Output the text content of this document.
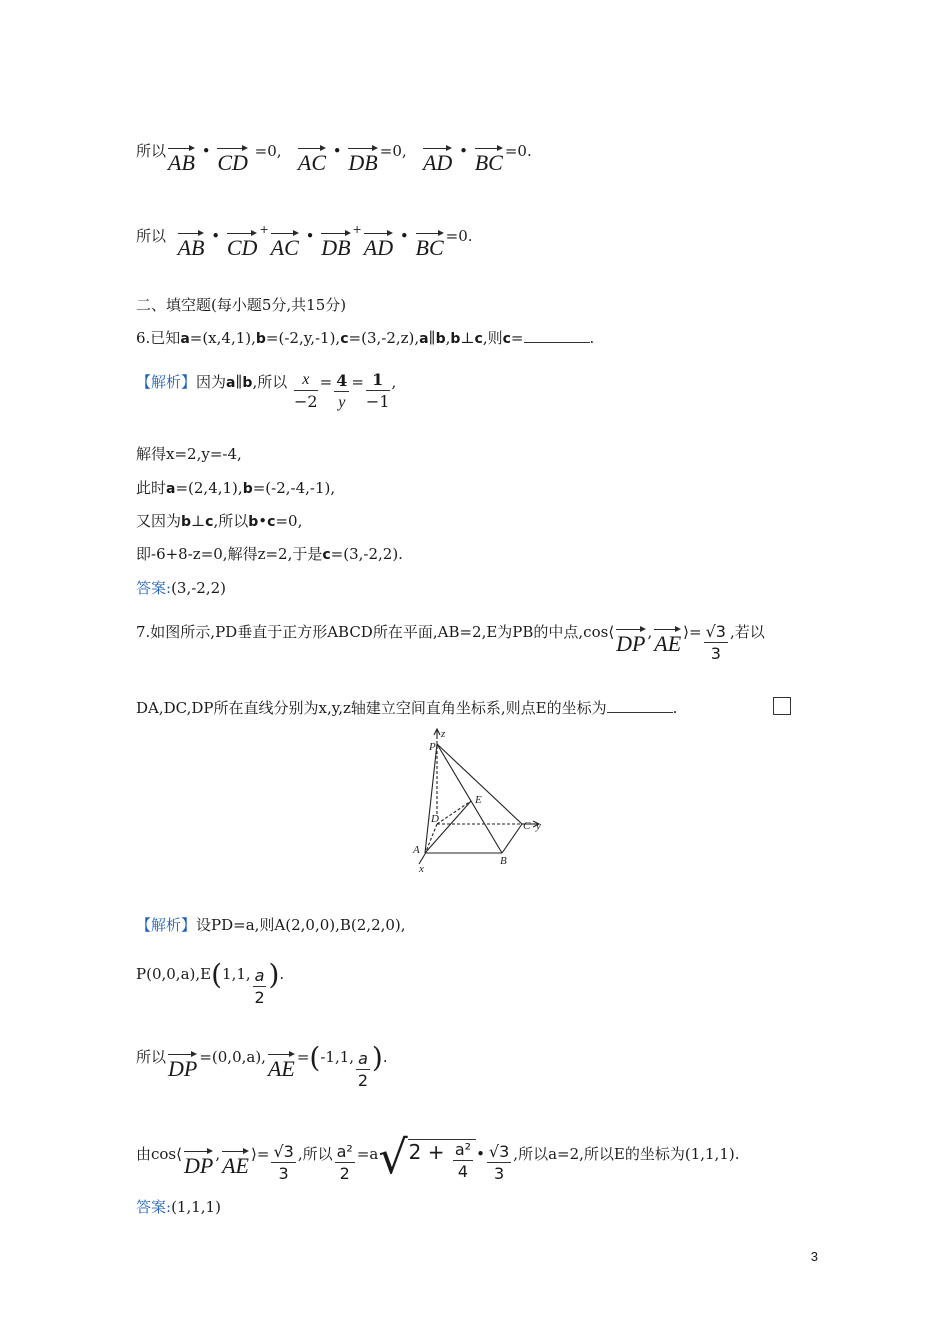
所以AB • CD =0, AC • DB =0, AD • BC =0.
所以 AB • CD+AC • DB+AD • BC =0.
二、填空题(每小题5分,共15分)
6.已知a=(x,4,1),b=(-2,y,-1),c=(3,-2,z),a∥b,b⊥c,则c=	.
【解析】因为a∥b,所以 $\frac{x}{-2} = \frac{4}{y} = \frac{1}{-1}$ ,
解得x=2,y=-4,
此时a=(2,4,1),b=(-2,-4,-1),
又因为b⊥c,所以b•c=0,
即-6+8-z=0,解得z=2,于是c=(3,-2,2).
答案:(3,-2,2)
7.如图所示,PD垂直于正方形ABCD所在平面,AB=2,E为PB的中点,cos⟨DP ,AE ⟩= $\frac{√3}{3}$ ,若以
DA,DC,DP所在直线分别为x,y,z轴建立空间直角坐标系,则点E的坐标为	.
z
P
E
D
C y
A
B
x
【解析】设PD=a,则A(2,0,0),B(2,2,0),
P(0,0,a),E(1,1, $\frac{a}{2}$ ).
所以DP =(0,0,a),AE =(-1,1, $\frac{a}{2}$ ).
由cos⟨DP ,AE ⟩= $\frac{√3}{3}$ ,所以 $\frac{\text{a²}}{2} =a√2 + \frac{\text{a²}}{4}$ • $\frac{√3}{3}$ ,所以a=2,所以E的坐标为(1,1,1).
答案:(1,1,1)
3
